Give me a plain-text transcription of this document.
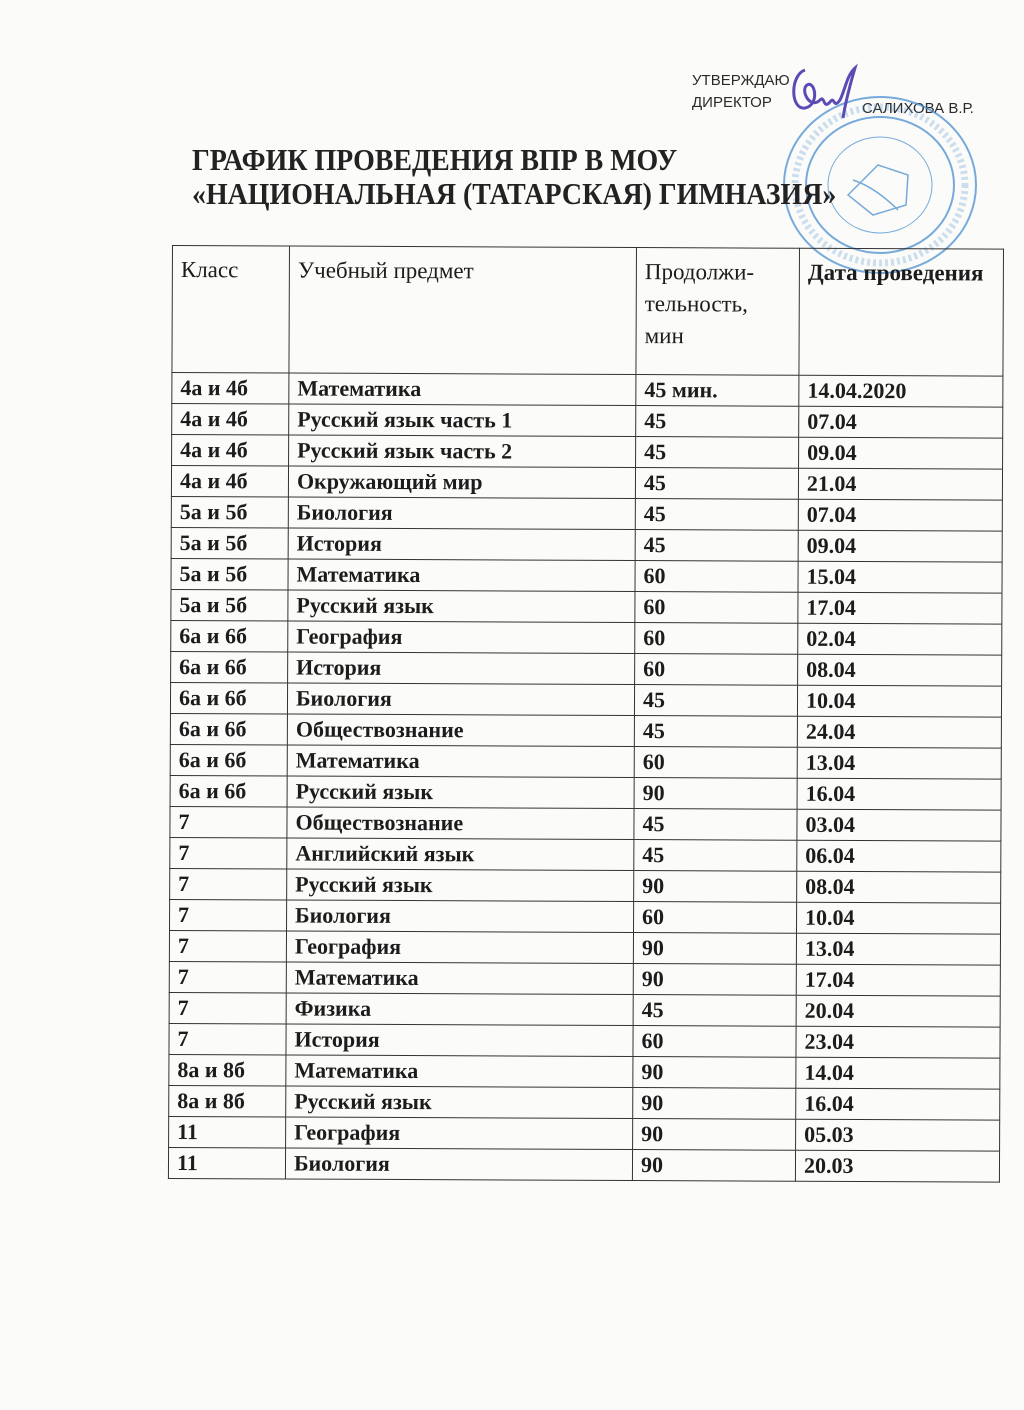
УТВЕРЖДАЮ
ДИРЕКТОР	САЛИХОВА В.Р.
ГРАФИК ПРОВЕДЕНИЯ ВПР В МОУ
«НАЦИОНАЛЬНАЯ (ТАТАРСКАЯ) ГИМНАЗИЯ»
Класс	Учебный предмет	Продолжи-тельность, мин	Дата проведения
4а и 4б	Математика	45 мин.	14.04.2020
4а и 4б	Русский язык часть 1	45	07.04
4а и 4б	Русский язык часть 2	45	09.04
4а и 4б	Окружающий мир	45	21.04
5а и 5б	Биология	45	07.04
5а и 5б	История	45	09.04
5а и 5б	Математика	60	15.04
5а и 5б	Русский язык	60	17.04
6а и 6б	География	60	02.04
6а и 6б	История	60	08.04
6а и 6б	Биология	45	10.04
6а и 6б	Обществознание	45	24.04
6а и 6б	Математика	60	13.04
6а и 6б	Русский язык	90	16.04
7	Обществознание	45	03.04
7	Английский язык	45	06.04
7	Русский язык	90	08.04
7	Биология	60	10.04
7	География	90	13.04
7	Математика	90	17.04
7	Физика	45	20.04
7	История	60	23.04
8а и 8б	Математика	90	14.04
8а и 8б	Русский язык	90	16.04
11	География	90	05.03
11	Биология	90	20.03
